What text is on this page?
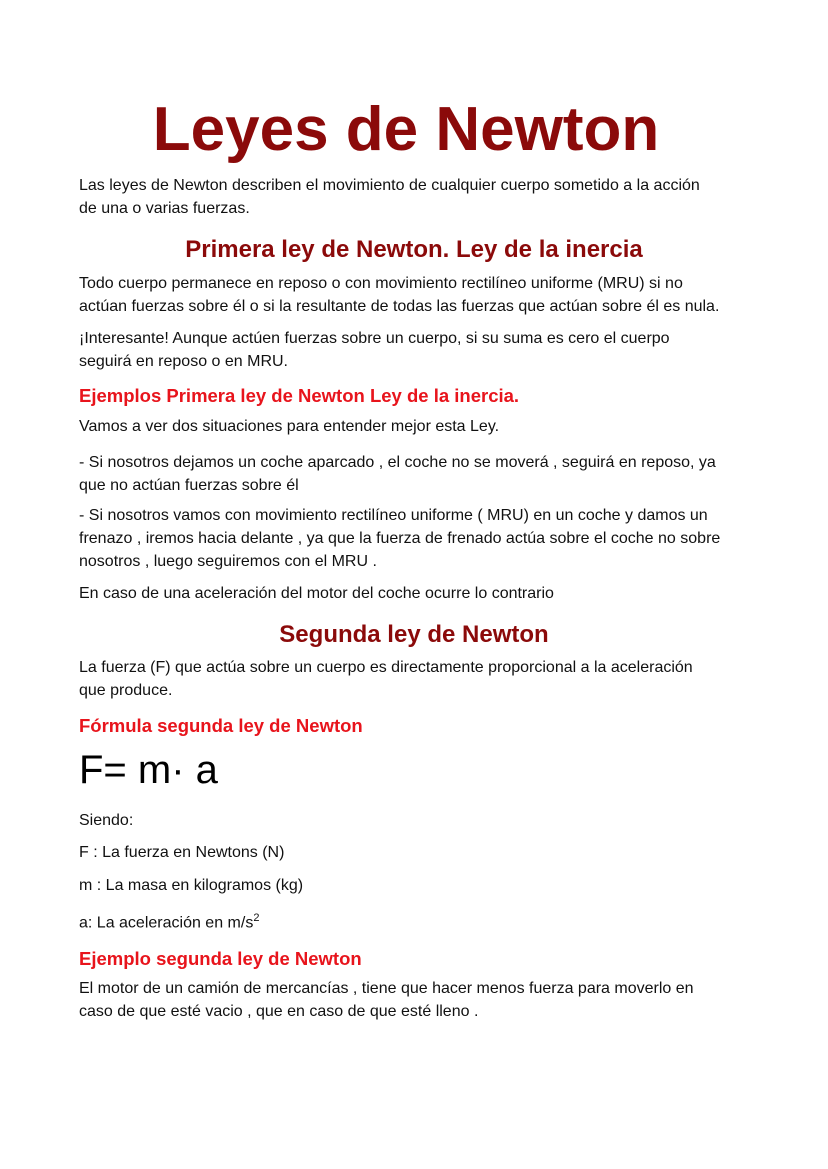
Leyes de Newton
Las leyes de Newton describen el movimiento de cualquier cuerpo sometido a la acción
de una o varias fuerzas.
Primera ley de Newton. Ley de la inercia
Todo cuerpo permanece en reposo o con movimiento rectilíneo uniforme (MRU) si no
actúan fuerzas sobre él o si la resultante de todas las fuerzas que actúan sobre él es nula.
¡Interesante! Aunque actúen fuerzas sobre un cuerpo, si su suma es cero el cuerpo
seguirá en reposo o en MRU.
Ejemplos Primera ley de Newton Ley de la inercia.
Vamos a ver dos situaciones para entender mejor esta Ley.
- Si nosotros dejamos un coche aparcado , el coche no se moverá , seguirá en reposo, ya
que no actúan fuerzas sobre él
- Si nosotros vamos con movimiento rectilíneo uniforme ( MRU) en un coche y damos un
frenazo , iremos hacia delante , ya que la fuerza de frenado actúa sobre el coche no sobre
nosotros , luego seguiremos con el MRU .
En caso de una aceleración del motor del coche ocurre lo contrario
Segunda ley de Newton
La fuerza (F) que actúa sobre un cuerpo es directamente proporcional a la aceleración
que produce.
Fórmula segunda ley de Newton
F= m· a
Siendo:
F : La fuerza en Newtons (N)
m : La masa en kilogramos (kg)
a: La aceleración en $m/s^2$
Ejemplo segunda ley de Newton
El motor de un camión de mercancías , tiene que hacer menos fuerza para moverlo en
caso de que esté vacio , que en caso de que esté lleno .
